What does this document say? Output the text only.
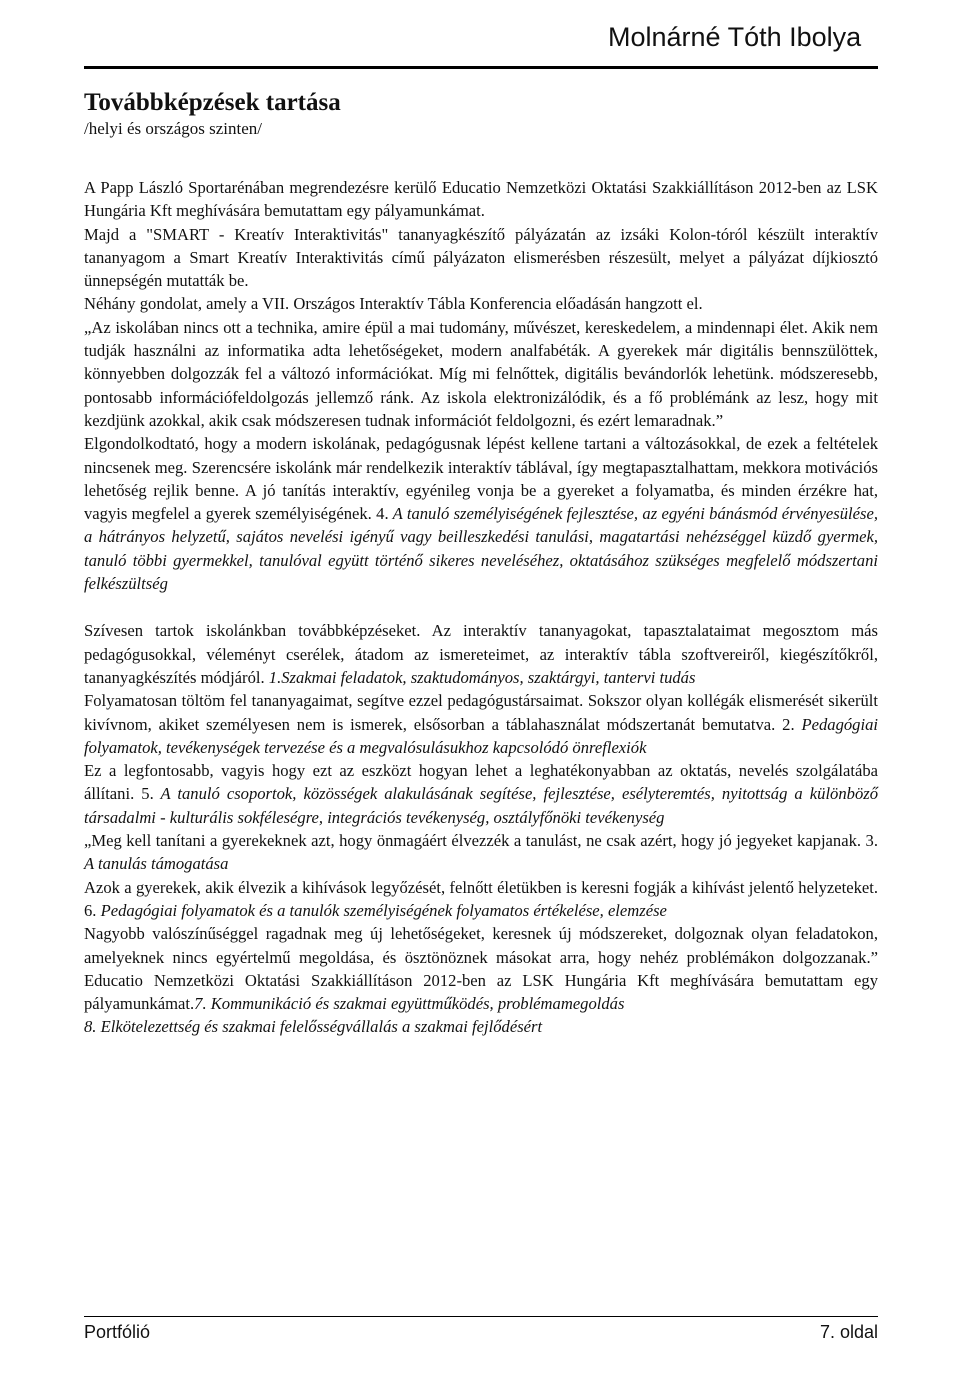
Molnárné Tóth Ibolya
Továbbképzések tartása
/helyi és országos szinten/

A Papp László Sportarénában megrendezésre kerülő Educatio Nemzetközi Oktatási Szakkiállításon 2012-ben az LSK Hungária Kft meghívására bemutattam egy pályamunkámat.

Majd a "SMART - Kreatív Interaktivitás" tananyagkészítő pályázatán az izsáki Kolon-tóról készült interaktív tananyagom a Smart Kreatív Interaktivitás című pályázaton elismerésben részesült, melyet a pályázat díjkiosztó ünnepségén mutatták be.

Néhány gondolat, amely a VII. Országos Interaktív Tábla Konferencia előadásán hangzott el.

„Az iskolában nincs ott a technika, amire épül a mai tudomány, művészet, kereskedelem, a mindennapi élet. Akik nem tudják használni az informatika adta lehetőségeket, modern analfabéták. A gyerekek már digitális bennszülöttek, könnyebben dolgozzák fel a változó információkat. Míg mi felnőttek, digitális bevándorlók lehetünk. módszeresebb, pontosabb információfeldolgozás jellemző ránk. Az iskola elektronizálódik, és a fő problémánk az lesz, hogy mit kezdjünk azokkal, akik csak módszeresen tudnak információt feldolgozni, és ezért lemaradnak.”

Elgondolkodtató, hogy a modern iskolának, pedagógusnak lépést kellene tartani a változásokkal, de ezek a feltételek nincsenek meg. Szerencsére iskolánk már rendelkezik interaktív táblával, így megtapasztalhattam, mekkora motivációs lehetőség rejlik benne. A jó tanítás interaktív, egyénileg vonja be a gyereket a folyamatba, és minden érzékre hat, vagyis megfelel a gyerek személyiségének. 4. A tanuló személyiségének fejlesztése, az egyéni bánásmód érvényesülése, a hátrányos helyzetű, sajátos nevelési igényű vagy beilleszkedési tanulási, magatartási nehézséggel küzdő gyermek, tanuló többi gyermekkel, tanulóval együtt történő sikeres neveléséhez, oktatásához szükséges megfelelő módszertani felkészültség

Szívesen tartok iskolánkban továbbképzéseket. Az interaktív tananyagokat, tapasztalataimat megosztom más pedagógusokkal, véleményt cserélek, átadom az ismereteimet, az interaktív tábla szoftvereiről, kiegészítőkről, tananyagkészítés módjáról. 1.Szakmai feladatok, szaktudományos, szaktárgyi, tantervi tudás

Folyamatosan töltöm fel tananyagaimat, segítve ezzel pedagógustársaimat. Sokszor olyan kollégák elismerését sikerült kivívnom, akiket személyesen nem is ismerek, elsősorban a táblahasználat módszertanát bemutatva. 2. Pedagógiai folyamatok, tevékenységek tervezése és a megvalósulásukhoz kapcsolódó önreflexiók

Ez a legfontosabb, vagyis hogy ezt az eszközt hogyan lehet a leghatékonyabban az oktatás, nevelés szolgálatába állítani. 5. A tanuló csoportok, közösségek alakulásának segítése, fejlesztése, esélyteremtés, nyitottság a különböző társadalmi - kulturális sokféleségre, integrációs tevékenység, osztályfőnöki tevékenység

„Meg kell tanítani a gyerekeknek azt, hogy önmagáért élvezzék a tanulást, ne csak azért, hogy jó jegyeket kapjanak. 3. A tanulás támogatása

Azok a gyerekek, akik élvezik a kihívások legyőzését, felnőtt életükben is keresni fogják a kihívást jelentő helyzeteket. 6. Pedagógiai folyamatok és a tanulók személyiségének folyamatos értékelése, elemzése

Nagyobb valószínűséggel ragadnak meg új lehetőségeket, keresnek új módszereket, dolgoznak olyan feladatokon, amelyeknek nincs egyértelmű megoldása, és ösztönöznek másokat arra, hogy nehéz problémákon dolgozzanak.” Educatio Nemzetközi Oktatási Szakkiállításon 2012-ben az LSK Hungária Kft meghívására bemutattam egy pályamunkámat.7. Kommunikáció és szakmai együttműködés, problémamegoldás

8. Elkötelezettség és szakmai felelősségvállalás a szakmai fejlődésért

Portfólió	7. oldal
